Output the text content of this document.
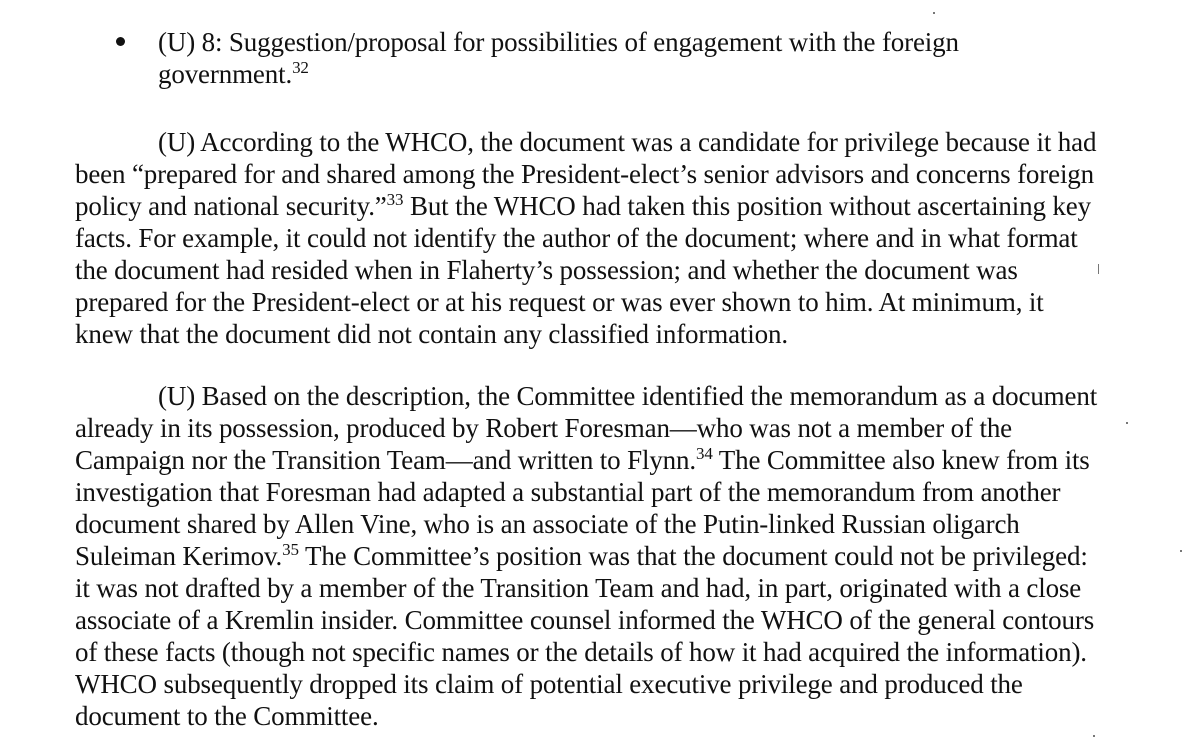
(U) 8: Suggestion/proposal for possibilities of engagement with the foreign
government.$^{32}$
(U) According to the WHCO, the document was a candidate for privilege because it had
been “prepared for and shared among the President-elect’s senior advisors and concerns foreign
policy and national security.”$^{33}$ But the WHCO had taken this position without ascertaining key
facts. For example, it could not identify the author of the document; where and in what format
the document had resided when in Flaherty’s possession; and whether the document was
prepared for the President-elect or at his request or was ever shown to him. At minimum, it
knew that the document did not contain any classified information.
(U) Based on the description, the Committee identified the memorandum as a document
already in its possession, produced by Robert Foresman—who was not a member of the
Campaign nor the Transition Team—and written to Flynn.$^{34}$ The Committee also knew from its
investigation that Foresman had adapted a substantial part of the memorandum from another
document shared by Allen Vine, who is an associate of the Putin-linked Russian oligarch
Suleiman Kerimov.$^{35}$ The Committee’s position was that the document could not be privileged:
it was not drafted by a member of the Transition Team and had, in part, originated with a close
associate of a Kremlin insider. Committee counsel informed the WHCO of the general contours
of these facts (though not specific names or the details of how it had acquired the information).
WHCO subsequently dropped its claim of potential executive privilege and produced the
document to the Committee.
